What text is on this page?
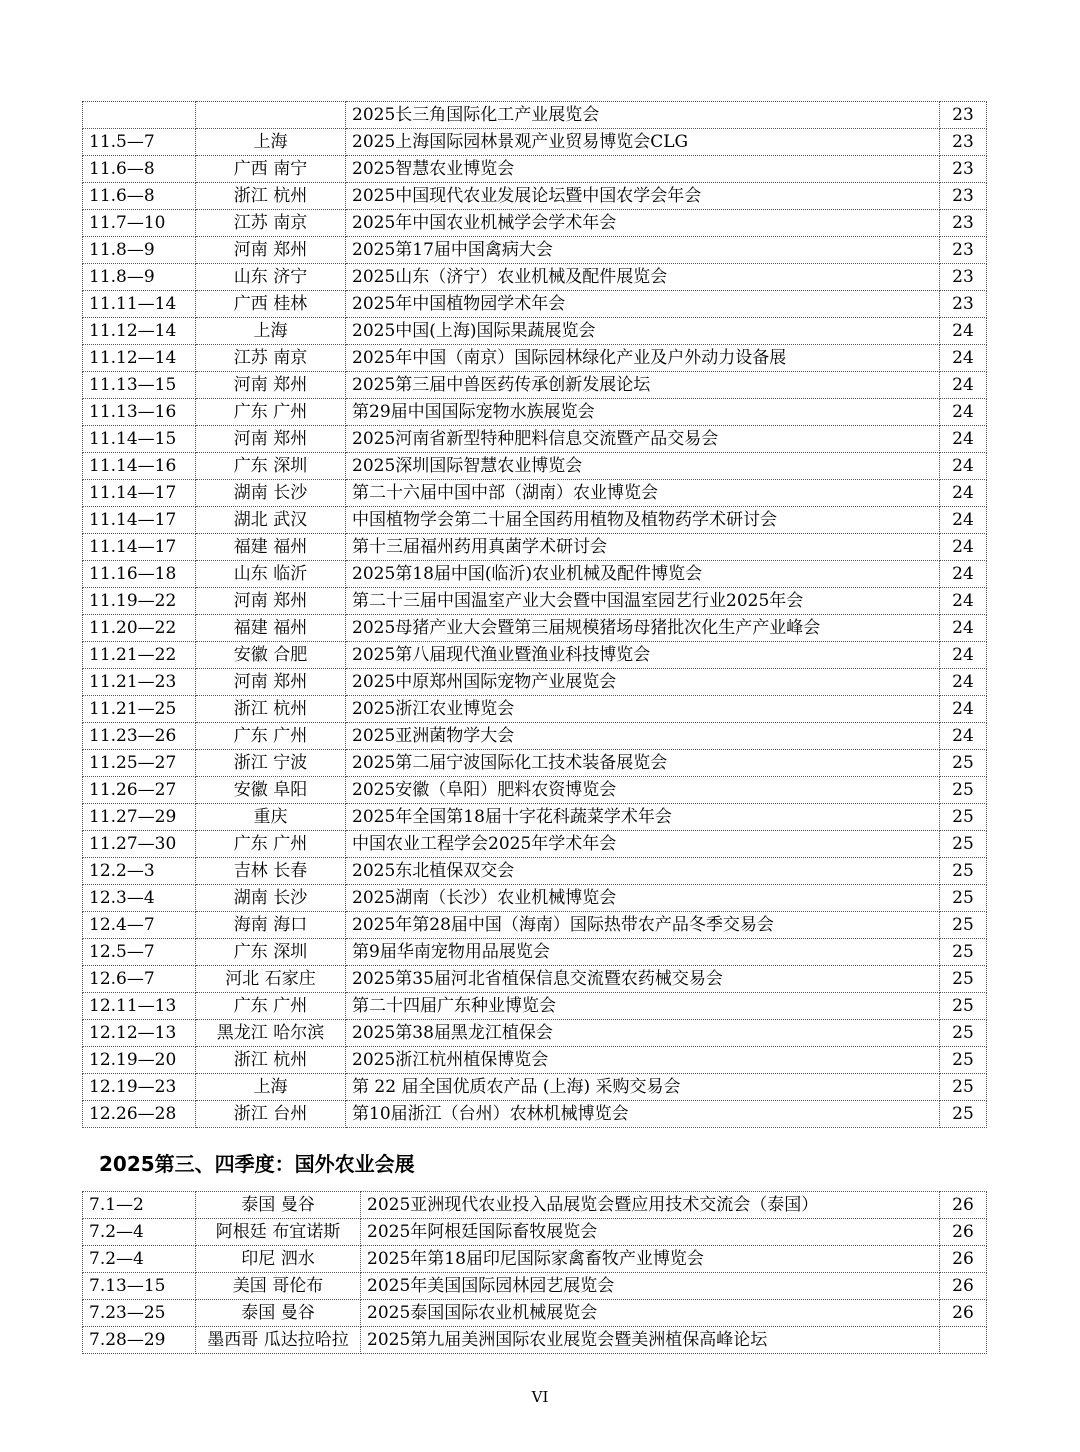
		2025长三角国际化工产业展览会	23
11.5—7	上海	2025上海国际园林景观产业贸易博览会CLG	23
11.6—8	广西 南宁	2025智慧农业博览会	23
11.6—8	浙江 杭州	2025中国现代农业发展论坛暨中国农学会年会	23
11.7—10	江苏 南京	2025年中国农业机械学会学术年会	23
11.8—9	河南 郑州	2025第17届中国禽病大会	23
11.8—9	山东 济宁	2025山东（济宁）农业机械及配件展览会	23
11.11—14	广西 桂林	2025年中国植物园学术年会	23
11.12—14	上海	2025中国(上海)国际果蔬展览会	24
11.12—14	江苏 南京	2025年中国（南京）国际园林绿化产业及户外动力设备展	24
11.13—15	河南 郑州	2025第三届中兽医药传承创新发展论坛	24
11.13—16	广东 广州	第29届中国国际宠物水族展览会	24
11.14—15	河南 郑州	2025河南省新型特种肥料信息交流暨产品交易会	24
11.14—16	广东 深圳	2025深圳国际智慧农业博览会	24
11.14—17	湖南 长沙	第二十六届中国中部（湖南）农业博览会	24
11.14—17	湖北 武汉	中国植物学会第二十届全国药用植物及植物药学术研讨会	24
11.14—17	福建 福州	第十三届福州药用真菌学术研讨会	24
11.16—18	山东 临沂	2025第18届中国(临沂)农业机械及配件博览会	24
11.19—22	河南 郑州	第二十三届中国温室产业大会暨中国温室园艺行业2025年会	24
11.20—22	福建 福州	2025母猪产业大会暨第三届规模猪场母猪批次化生产产业峰会	24
11.21—22	安徽 合肥	2025第八届现代渔业暨渔业科技博览会	24
11.21—23	河南 郑州	2025中原郑州国际宠物产业展览会	24
11.21—25	浙江 杭州	2025浙江农业博览会	24
11.23—26	广东 广州	2025亚洲菌物学大会	24
11.25—27	浙江 宁波	2025第二届宁波国际化工技术装备展览会	25
11.26—27	安徽 阜阳	2025安徽（阜阳）肥料农资博览会	25
11.27—29	重庆	2025年全国第18届十字花科蔬菜学术年会	25
11.27—30	广东 广州	中国农业工程学会2025年学术年会	25
12.2—3	吉林 长春	2025东北植保双交会	25
12.3—4	湖南 长沙	2025湖南（长沙）农业机械博览会	25
12.4—7	海南 海口	2025年第28届中国（海南）国际热带农产品冬季交易会	25
12.5—7	广东 深圳	第9届华南宠物用品展览会	25
12.6—7	河北 石家庄	2025第35届河北省植保信息交流暨农药械交易会	25
12.11—13	广东 广州	第二十四届广东种业博览会	25
12.12—13	黑龙江 哈尔滨	2025第38届黑龙江植保会	25
12.19—20	浙江 杭州	2025浙江杭州植保博览会	25
12.19—23	上海	第 22 届全国优质农产品 (上海) 采购交易会	25
12.26—28	浙江 台州	第10届浙江（台州）农林机械博览会	25
2025第三、四季度：国外农业会展
7.1—2	泰国 曼谷	2025亚洲现代农业投入品展览会暨应用技术交流会（泰国）	26
7.2—4	阿根廷 布宜诺斯	2025年阿根廷国际畜牧展览会	26
7.2—4	印尼 泗水	2025年第18届印尼国际家禽畜牧产业博览会	26
7.13—15	美国 哥伦布	2025年美国国际园林园艺展览会	26
7.23—25	泰国 曼谷	2025泰国国际农业机械展览会	26
7.28—29	墨西哥 瓜达拉哈拉	2025第九届美洲国际农业展览会暨美洲植保高峰论坛	
VI
